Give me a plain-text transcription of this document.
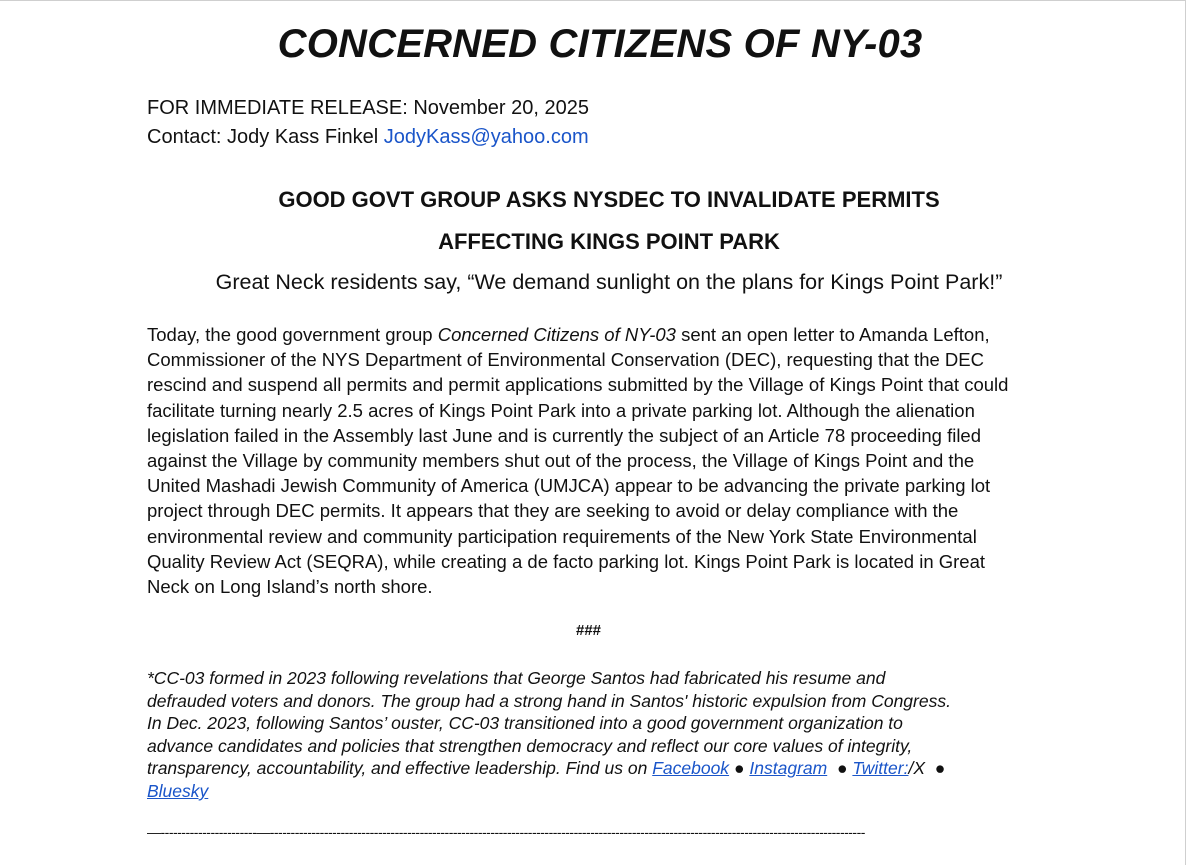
CONCERNED CITIZENS OF NY-03

FOR IMMEDIATE RELEASE: November 20, 2025

Contact: Jody Kass Finkel JodyKass@yahoo.com

GOOD GOVT GROUP ASKS NYSDEC TO INVALIDATE PERMITS
AFFECTING KINGS POINT PARK

Great Neck residents say, “We demand sunlight on the plans for Kings Point Park!”

Today, the good government group Concerned Citizens of NY-03 sent an open letter to Amanda Lefton,
Commissioner of the NYS Department of Environmental Conservation (DEC), requesting that the DEC
rescind and suspend all permits and permit applications submitted by the Village of Kings Point that could
facilitate turning nearly 2.5 acres of Kings Point Park into a private parking lot. Although the alienation
legislation failed in the Assembly last June and is currently the subject of an Article 78 proceeding filed
against the Village by community members shut out of the process, the Village of Kings Point and the
United Mashadi Jewish Community of America (UMJCA) appear to be advancing the private parking lot
project through DEC permits. It appears that they are seeking to avoid or delay compliance with the
environmental review and community participation requirements of the New York State Environmental
Quality Review Act (SEQRA), while creating a de facto parking lot. Kings Point Park is located in Great
Neck on Long Island’s north shore.

###

*CC-03 formed in 2023 following revelations that George Santos had fabricated his resume and
defrauded voters and donors. The group had a strong hand in Santos' historic expulsion from Congress.
In Dec. 2023, following Santos’ ouster, CC-03 transitioned into a good government organization to
advance candidates and policies that strengthen democracy and reflect our core values of integrity,
transparency, accountability, and effective leadership. Find us on Facebook ● Instagram ● Twitter:/X ●
Bluesky

—-----------------------—-----------------------------------------------------------------------------------------------------------------------------------------------
